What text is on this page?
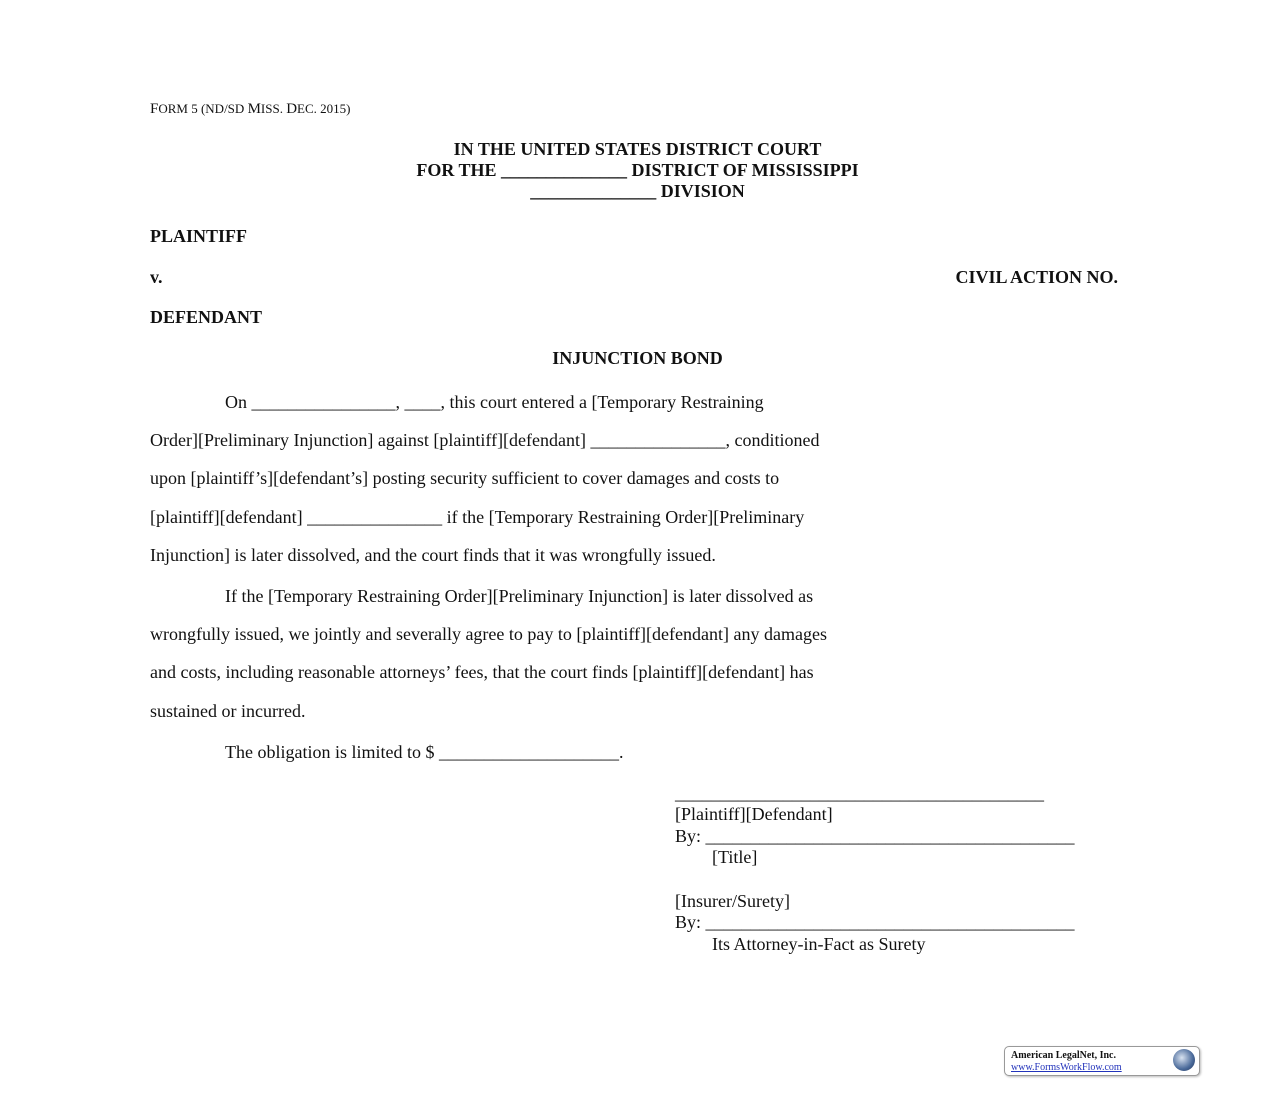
FORM 5 (ND/SD MISS. DEC. 2015)
IN THE UNITED STATES DISTRICT COURT
FOR THE ______________ DISTRICT OF MISSISSIPPI
______________ DIVISION
PLAINTIFF
v.	CIVIL ACTION NO.
DEFENDANT
INJUNCTION BOND
On ________________, ____, this court entered a [Temporary Restraining
Order][Preliminary Injunction] against [plaintiff][defendant] _______________, conditioned
upon [plaintiff’s][defendant’s] posting security sufficient to cover damages and costs to
[plaintiff][defendant] _______________ if the [Temporary Restraining Order][Preliminary
Injunction] is later dissolved, and the court finds that it was wrongfully issued.
If the [Temporary Restraining Order][Preliminary Injunction] is later dissolved as
wrongfully issued, we jointly and severally agree to pay to [plaintiff][defendant] any damages
and costs, including reasonable attorneys’ fees, that the court finds [plaintiff][defendant] has
sustained or incurred.
The obligation is limited to $ ____________________.
_________________________________________
[Plaintiff][Defendant]
By: _________________________________________
[Title]
[Insurer/Surety]
By: _________________________________________
Its Attorney-in-Fact as Surety
American LegalNet, Inc.
www.FormsWorkFlow.com
